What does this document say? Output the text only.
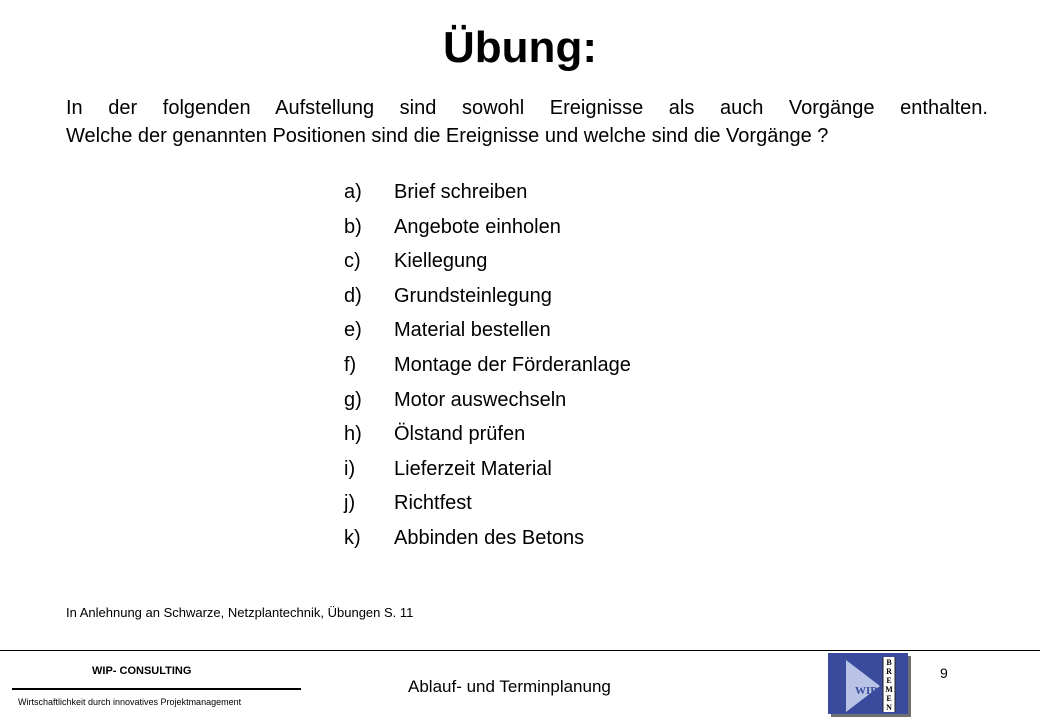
Übung:
In der folgenden Aufstellung sind sowohl Ereignisse als auch Vorgänge enthalten.
Welche der genannten Positionen sind die Ereignisse und welche sind die Vorgänge ?
a)	Brief schreiben
b)	Angebote einholen
c)	Kiellegung
d)	Grundsteinlegung
e)	Material bestellen
f)	Montage der Förderanlage
g)	Motor auswechseln
h)	Ölstand prüfen
i)	Lieferzeit Material
j)	Richtfest
k)	Abbinden des Betons
In Anlehnung an Schwarze, Netzplantechnik, Übungen S. 11
WIP- CONSULTING
Wirtschaftlichkeit durch innovatives Projektmanagement
Ablauf- und Terminplanung
9
WIP
B
R
E
M
E
N
